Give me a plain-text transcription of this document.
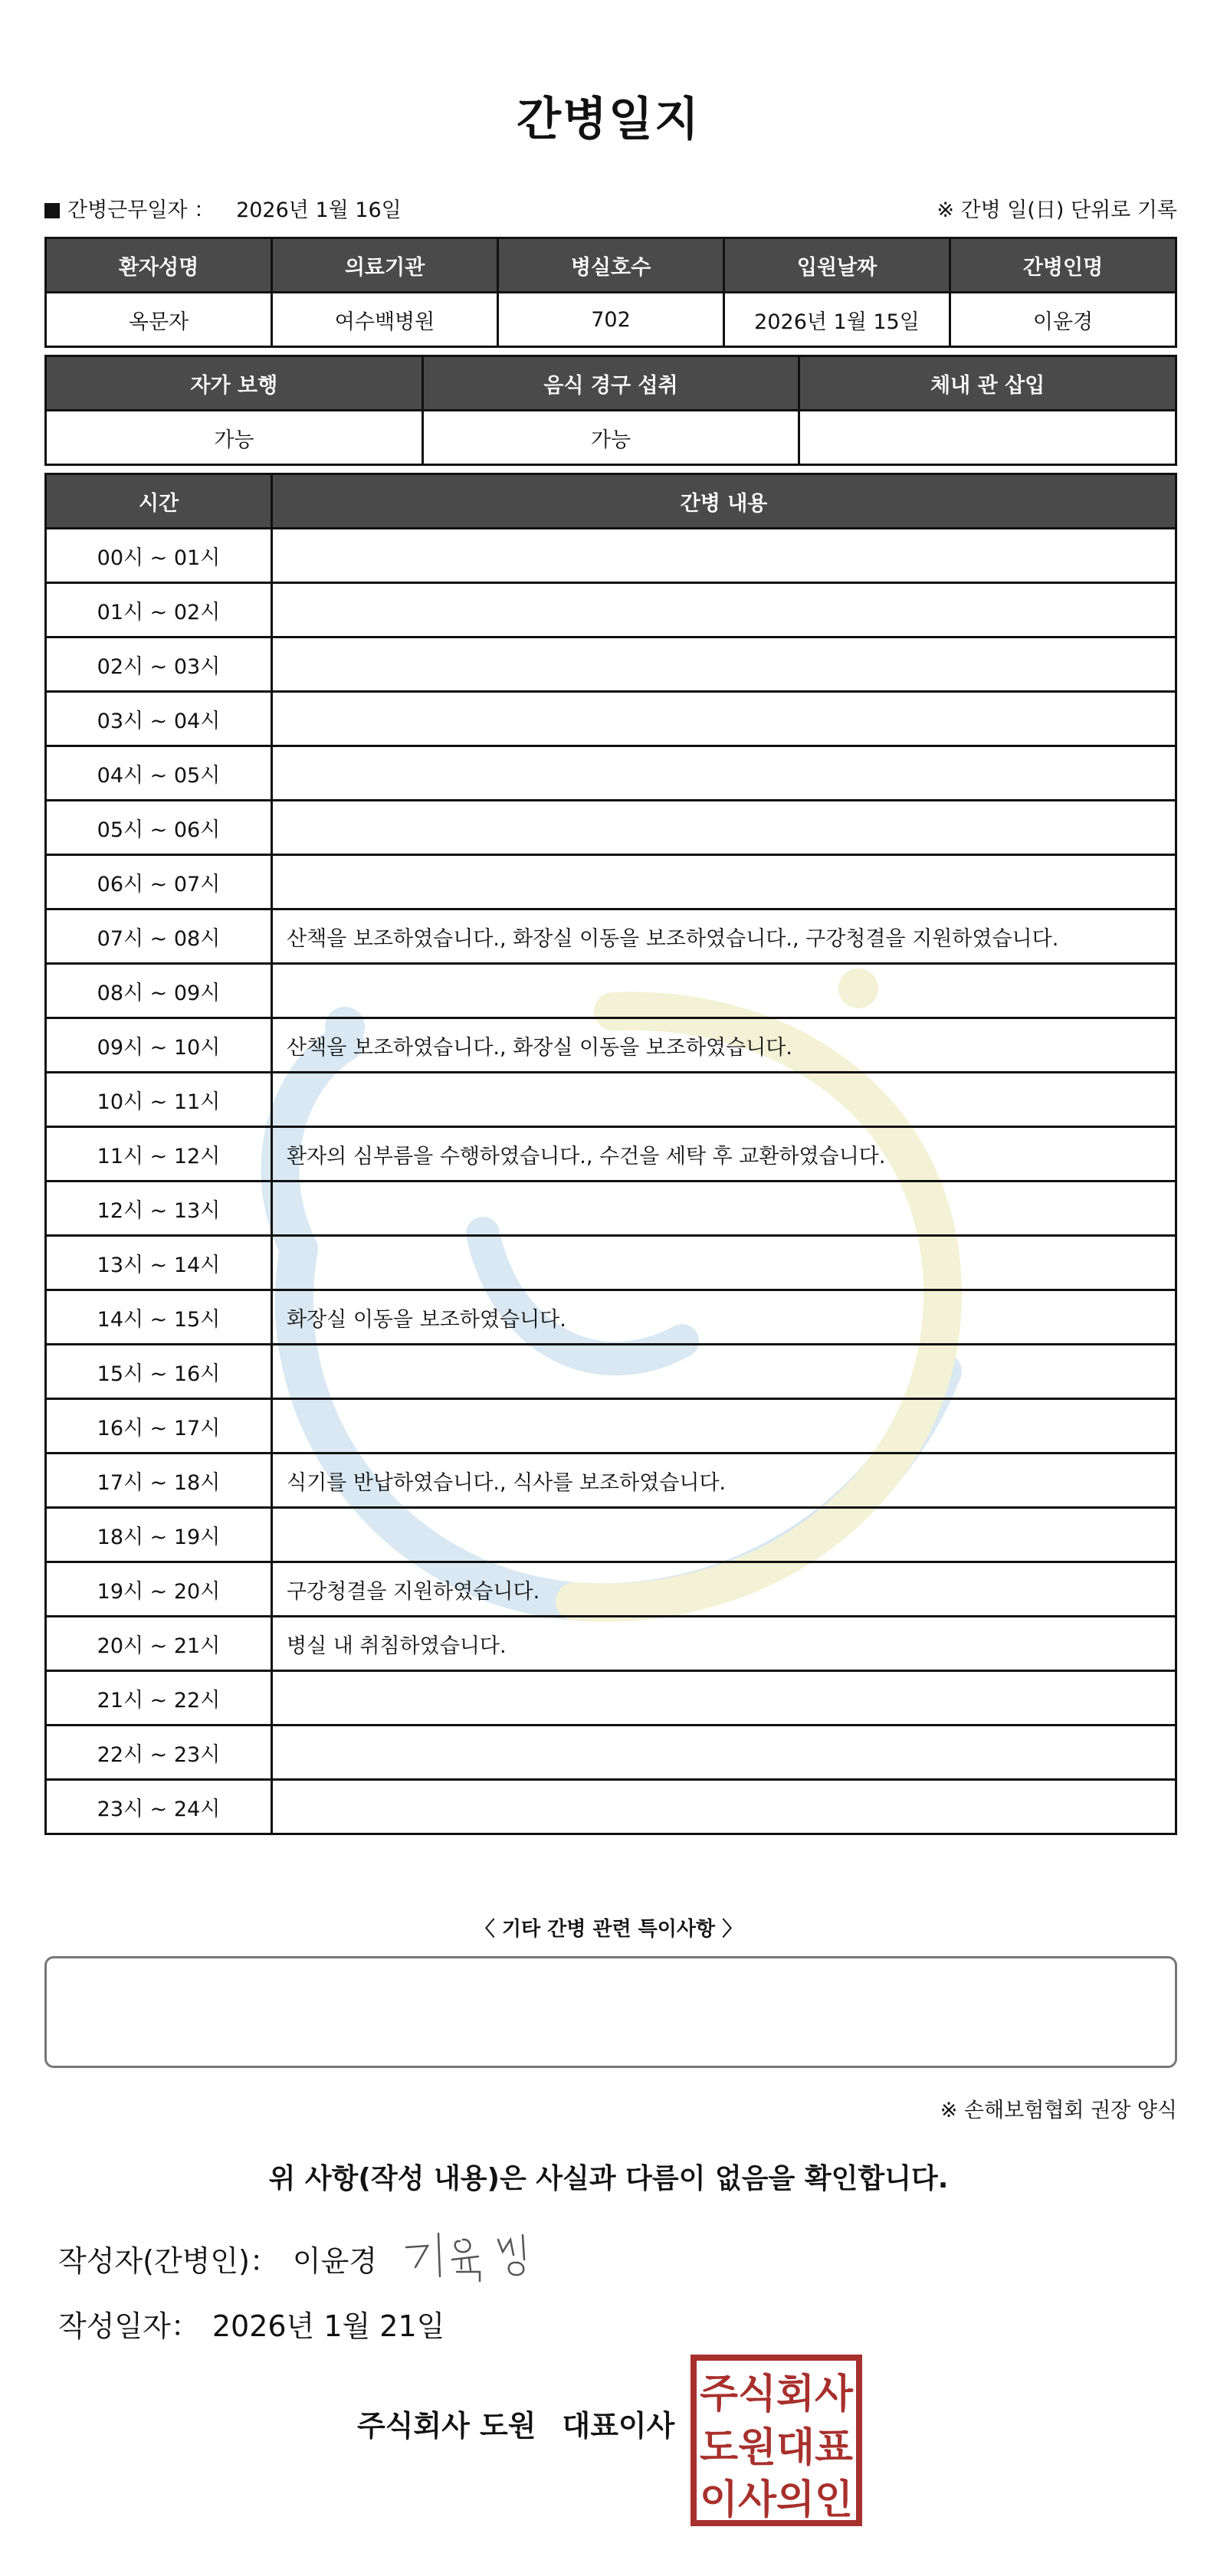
간병일지
간병근무일자 ： 2026년 1월 16일	※ 간병 일(日) 단위로 기록
환자성명	의료기관	병실호수	입원날짜	간병인명
옥문자	여수백병원	702	2026년 1월 15일	이윤경
자가 보행	음식 경구 섭취	체내 관 삽입
가능	가능	
시간	간병 내용
00시 ~ 01시	
01시 ~ 02시	
02시 ~ 03시	
03시 ~ 04시	
04시 ~ 05시	
05시 ~ 06시	
06시 ~ 07시	
07시 ~ 08시	산책을 보조하였습니다., 화장실 이동을 보조하였습니다., 구강청결을 지원하였습니다.
08시 ~ 09시	
09시 ~ 10시	산책을 보조하였습니다., 화장실 이동을 보조하였습니다.
10시 ~ 11시	
11시 ~ 12시	환자의 심부름을 수행하였습니다., 수건을 세탁 후 교환하였습니다.
12시 ~ 13시	
13시 ~ 14시	
14시 ~ 15시	화장실 이동을 보조하였습니다.
15시 ~ 16시	
16시 ~ 17시	
17시 ~ 18시	식기를 반납하였습니다., 식사를 보조하였습니다.
18시 ~ 19시	
19시 ~ 20시	구강청결을 지원하였습니다.
20시 ~ 21시	병실 내 취침하였습니다.
21시 ~ 22시	
22시 ~ 23시	
23시 ~ 24시	
〈 기타 간병 관련 특이사항 〉
※ 손해보험협회 권장 양식
위 사항(작성 내용)은 사실과 다름이 없음을 확인합니다.
작성자(간병인)： 이윤경
작성일자： 2026년 1월 21일
주식회사 도원 대표이사
주식회사
도원대표
이사의인
